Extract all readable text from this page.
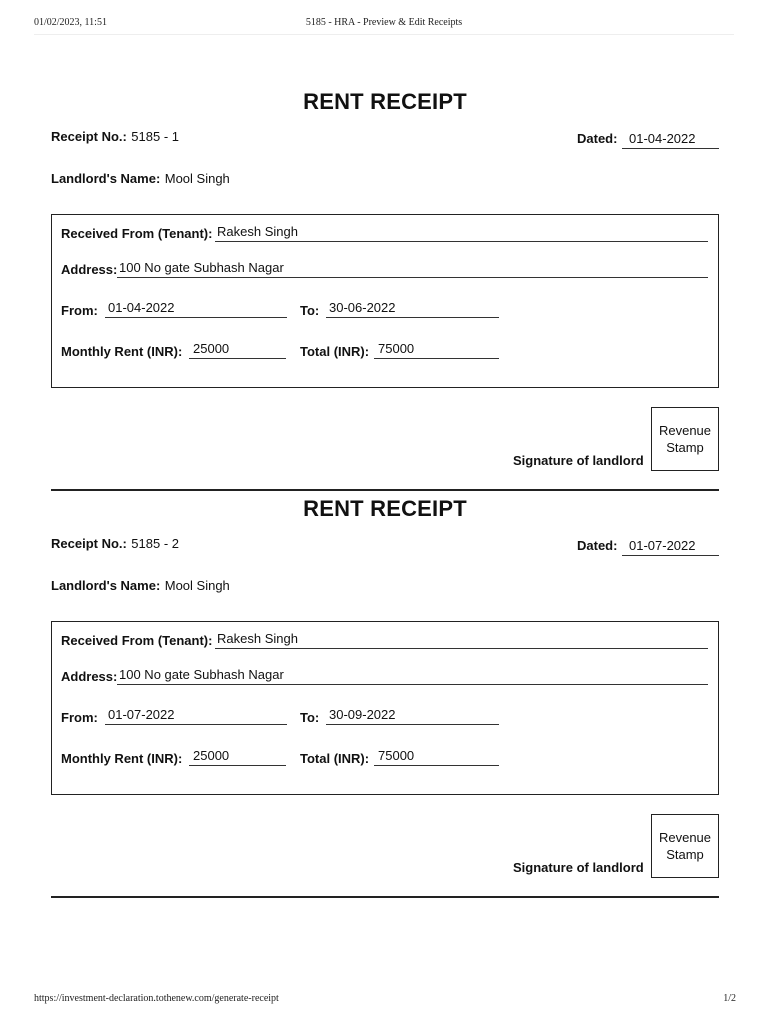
01/02/2023, 11:51	5185 - HRA - Preview & Edit Receipts
RENT RECEIPT
Receipt No.: 5185 - 1	Dated: 01-04-2022
Landlord's Name: Mool Singh
Received From (Tenant): Rakesh Singh
Address: 100 No gate Subhash Nagar
From: 01-04-2022	To: 30-06-2022
Monthly Rent (INR): 25000	Total (INR): 75000
Revenue
Stamp
Signature of landlord
RENT RECEIPT
Receipt No.: 5185 - 2	Dated: 01-07-2022
Landlord's Name: Mool Singh
Received From (Tenant): Rakesh Singh
Address: 100 No gate Subhash Nagar
From: 01-07-2022	To: 30-09-2022
Monthly Rent (INR): 25000	Total (INR): 75000
Revenue
Stamp
Signature of landlord
https://investment-declaration.tothenew.com/generate-receipt	1/2
